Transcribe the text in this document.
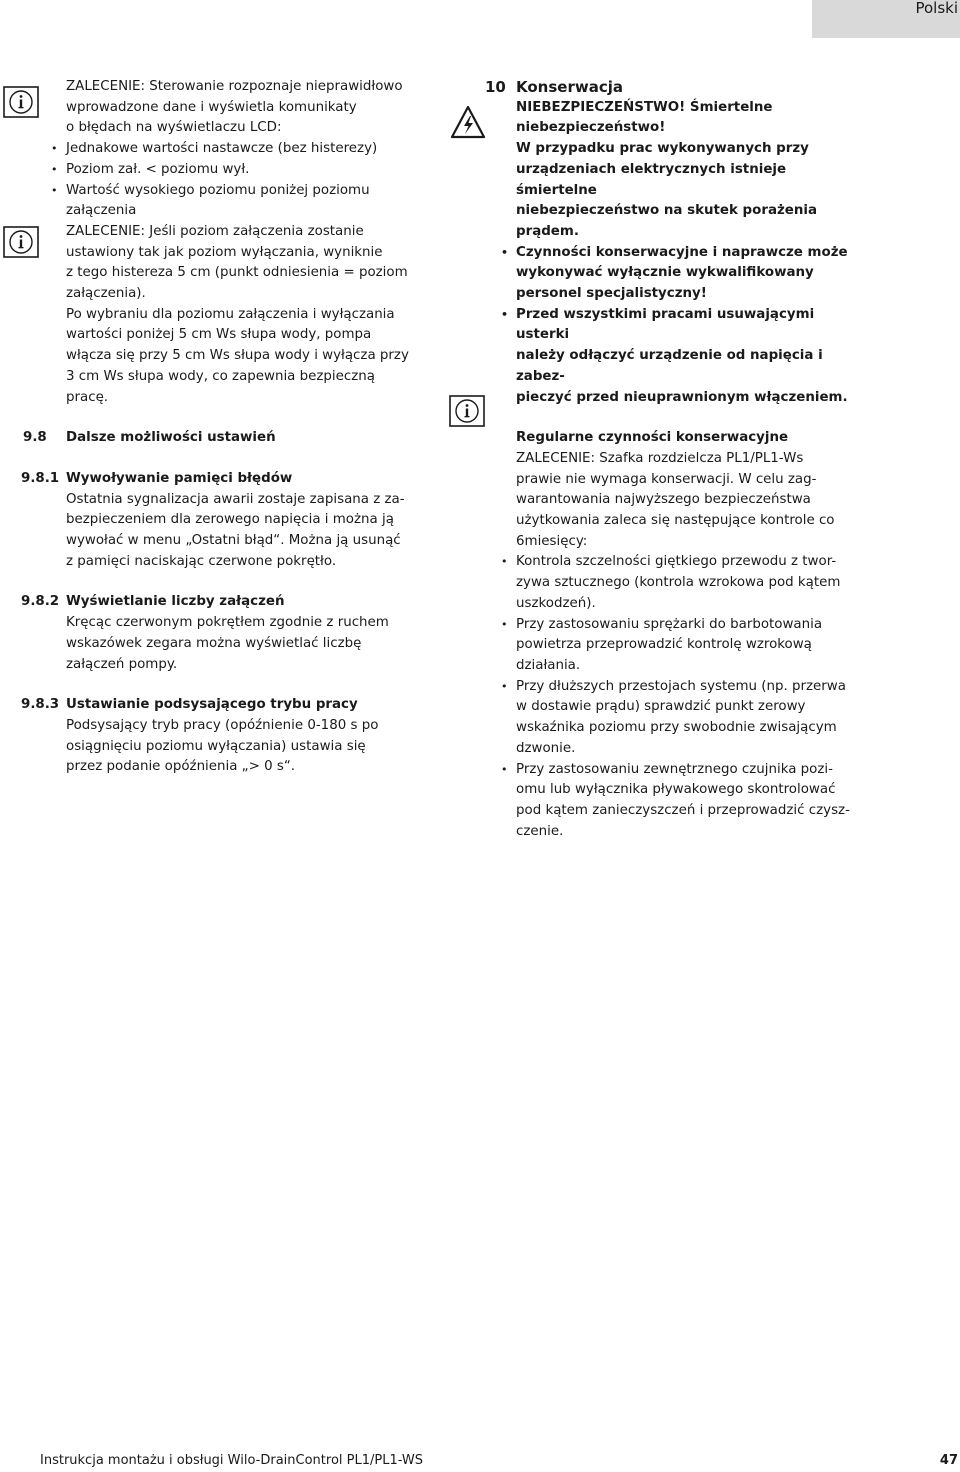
Polski

ZALECENIE: Sterowanie rozpoznaje nieprawidłowo

wprowadzone dane i wyświetla komunikaty

o błędach na wyświetlaczu LCD:

• Jednakowe wartości nastawcze (bez histerezy)
• Poziom zał. < poziomu wył.
• Wartość wysokiego poziomu poniżej poziomu
załączenia

ZALECENIE: Jeśli poziom załączenia zostanie

ustawiony tak jak poziom wyłączania, wyniknie

z tego histereza 5 cm (punkt odniesienia = poziom

załączenia).

Po wybraniu dla poziomu załączenia i wyłączania

wartości poniżej 5 cm Ws słupa wody, pompa

włącza się przy 5 cm Ws słupa wody i wyłącza przy

3 cm Ws słupa wody, co zapewnia bezpieczną

pracę.

9.8	Dalsze możliwości ustawień

9.8.1 Wywoływanie pamięci błędów

Ostatnia sygnalizacja awarii zostaje zapisana z za-

bezpieczeniem dla zerowego napięcia i można ją

wywołać w menu „Ostatni błąd“. Można ją usunąć

z pamięci naciskając czerwone pokrętło.

9.8.2 Wyświetlanie liczby załączeń

Kręcąc czerwonym pokrętłem zgodnie z ruchem

wskazówek zegara można wyświetlać liczbę

załączeń pompy.

9.8.3 Ustawianie podsysającego trybu pracy

Podsysający tryb pracy (opóźnienie 0-180 s po

osiągnięciu poziomu wyłączania) ustawia się

przez podanie opóźnienia „> 0 s“.

10 Konserwacja

NIEBEZPIECZEŃSTWO! Śmiertelne

niebezpieczeństwo!

W przypadku prac wykonywanych przy

urządzeniach elektrycznych istnieje śmiertelne

niebezpieczeństwo na skutek porażenia

prądem.

• Czynności konserwacyjne i naprawcze może
wykonywać wyłącznie wykwalifikowany
personel specjalistyczny!
• Przed wszystkimi pracami usuwającymi usterki
należy odłączyć urządzenie od napięcia i zabez-
pieczyć przed nieuprawnionym włączeniem.

Regularne czynności konserwacyjne

ZALECENIE: Szafka rozdzielcza PL1/PL1-Ws

prawie nie wymaga konserwacji. W celu zag-

warantowania najwyższego bezpieczeństwa

użytkowania zaleca się następujące kontrole co

6miesięcy:

• Kontrola szczelności giętkiego przewodu z twor-
zywa sztucznego (kontrola wzrokowa pod kątem
uszkodzeń).
• Przy zastosowaniu sprężarki do barbotowania
powietrza przeprowadzić kontrolę wzrokową
działania.
• Przy dłuższych przestojach systemu (np. przerwa
w dostawie prądu) sprawdzić punkt zerowy
wskaźnika poziomu przy swobodnie zwisającym
dzwonie.
• Przy zastosowaniu zewnętrznego czujnika pozi-
omu lub wyłącznika pływakowego skontrolować
pod kątem zanieczyszczeń i przeprowadzić czysz-
czenie.
Instrukcja montażu i obsługi Wilo-DrainControl PL1/PL1-WS	47
